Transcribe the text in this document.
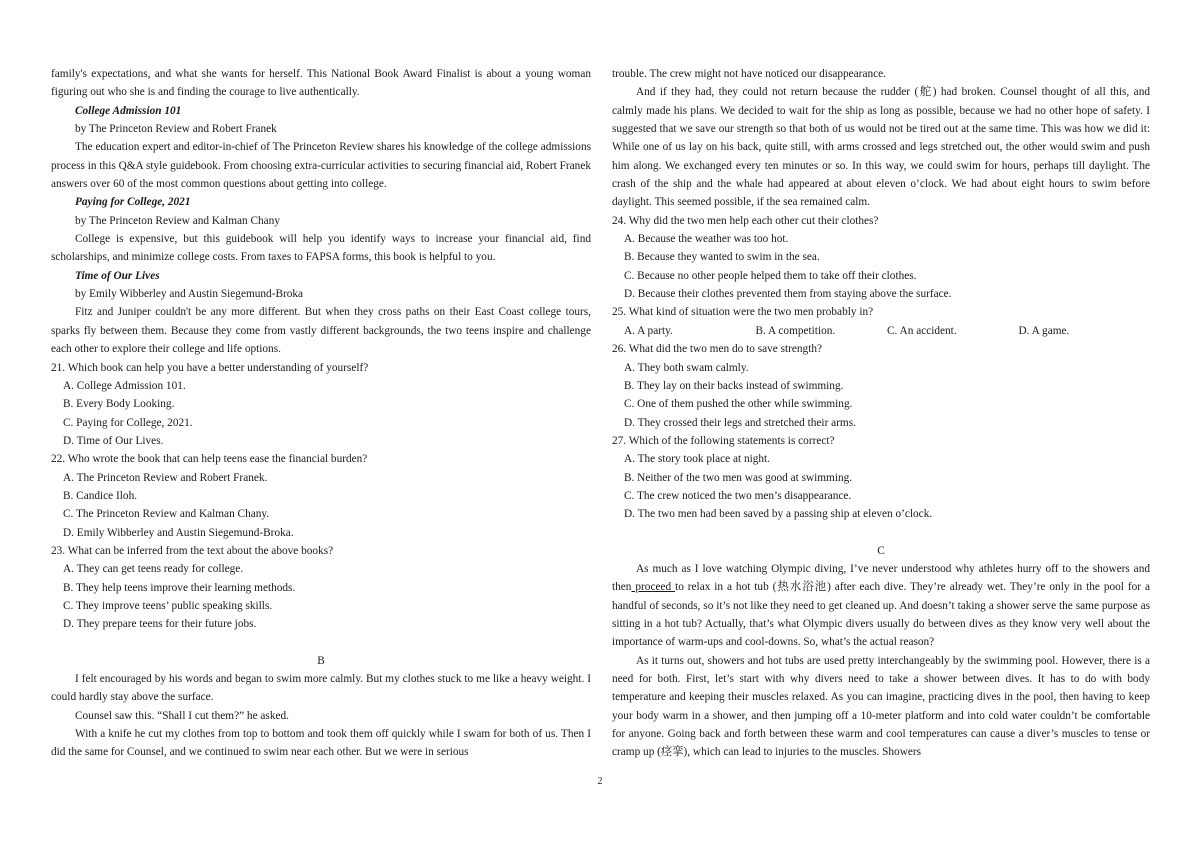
family's expectations, and what she wants for herself. This National Book Award Finalist is about a young woman figuring out who she is and finding the courage to live authentically.

College Admission 101

by The Princeton Review and Robert Franek

The education expert and editor-in-chief of The Princeton Review shares his knowledge of the college admissions process in this Q&A style guidebook. From choosing extra-curricular activities to securing financial aid, Robert Franek answers over 60 of the most common questions about getting into college.

Paying for College, 2021

by The Princeton Review and Kalman Chany

College is expensive, but this guidebook will help you identify ways to increase your financial aid, find scholarships, and minimize college costs. From taxes to FAPSA forms, this book is helpful to you.

Time of Our Lives

by Emily Wibberley and Austin Siegemund-Broka

Fitz and Juniper couldn't be any more different. But when they cross paths on their East Coast college tours, sparks fly between them. Because they come from vastly different backgrounds, the two teens inspire and challenge each other to explore their college and life options.

21. Which book can help you have a better understanding of yourself?

A. College Admission 101.

B. Every Body Looking.

C. Paying for College, 2021.

D. Time of Our Lives.

22. Who wrote the book that can help teens ease the financial burden?

A. The Princeton Review and Robert Franek.

B. Candice Iloh.

C. The Princeton Review and Kalman Chany.

D. Emily Wibberley and Austin Siegemund-Broka.

23. What can be inferred from the text about the above books?

A. They can get teens ready for college.

B. They help teens improve their learning methods.

C. They improve teens’ public speaking skills.

D. They prepare teens for their future jobs.

B

I felt encouraged by his words and began to swim more calmly. But my clothes stuck to me like a heavy weight. I could hardly stay above the surface.

Counsel saw this. “Shall I cut them?” he asked.

With a knife he cut my clothes from top to bottom and took them off quickly while I swam for both of us. Then I did the same for Counsel, and we continued to swim near each other. But we were in serious

trouble. The crew might not have noticed our disappearance.

And if they had, they could not return because the rudder (舵) had broken. Counsel thought of all this, and calmly made his plans. We decided to wait for the ship as long as possible, because we had no other hope of safety. I suggested that we save our strength so that both of us would not be tired out at the same time. This was how we did it: While one of us lay on his back, quite still, with arms crossed and legs stretched out, the other would swim and push him along. We exchanged every ten minutes or so. In this way, we could swim for hours, perhaps till daylight. The crash of the ship and the whale had appeared at about eleven o’clock. We had about eight hours to swim before daylight. This seemed possible, if the sea remained calm.

24. Why did the two men help each other cut their clothes?

A. Because the weather was too hot.

B. Because they wanted to swim in the sea.

C. Because no other people helped them to take off their clothes.

D. Because their clothes prevented them from staying above the surface.

25. What kind of situation were the two men probably in?

A. A party.	B. A competition.	C. An accident.	D. A game.

26. What did the two men do to save strength?

A. They both swam calmly.

B. They lay on their backs instead of swimming.

C. One of them pushed the other while swimming.

D. They crossed their legs and stretched their arms.

27. Which of the following statements is correct?

A. The story took place at night.

B. Neither of the two men was good at swimming.

C. The crew noticed the two men’s disappearance.

D. The two men had been saved by a passing ship at eleven o’clock.

C

As much as I love watching Olympic diving, I’ve never understood why athletes hurry off to the showers and then proceed to relax in a hot tub (热水浴池) after each dive. They’re already wet. They’re only in the pool for a handful of seconds, so it’s not like they need to get cleaned up. And doesn’t taking a shower serve the same purpose as sitting in a hot tub? Actually, that’s what Olympic divers usually do between dives as they know very well about the importance of warm-ups and cool-downs. So, what’s the actual reason?

As it turns out, showers and hot tubs are used pretty interchangeably by the swimming pool. However, there is a need for both. First, let’s start with why divers need to take a shower between dives. It has to do with body temperature and keeping their muscles relaxed. As you can imagine, practicing dives in the pool, then having to keep your body warm in a shower, and then jumping off a 10-meter platform and into cold water couldn’t be comfortable for anyone. Going back and forth between these warm and cool temperatures can cause a diver’s muscles to tense or cramp up (痉挛), which can lead to injuries to the muscles. Showers

2
